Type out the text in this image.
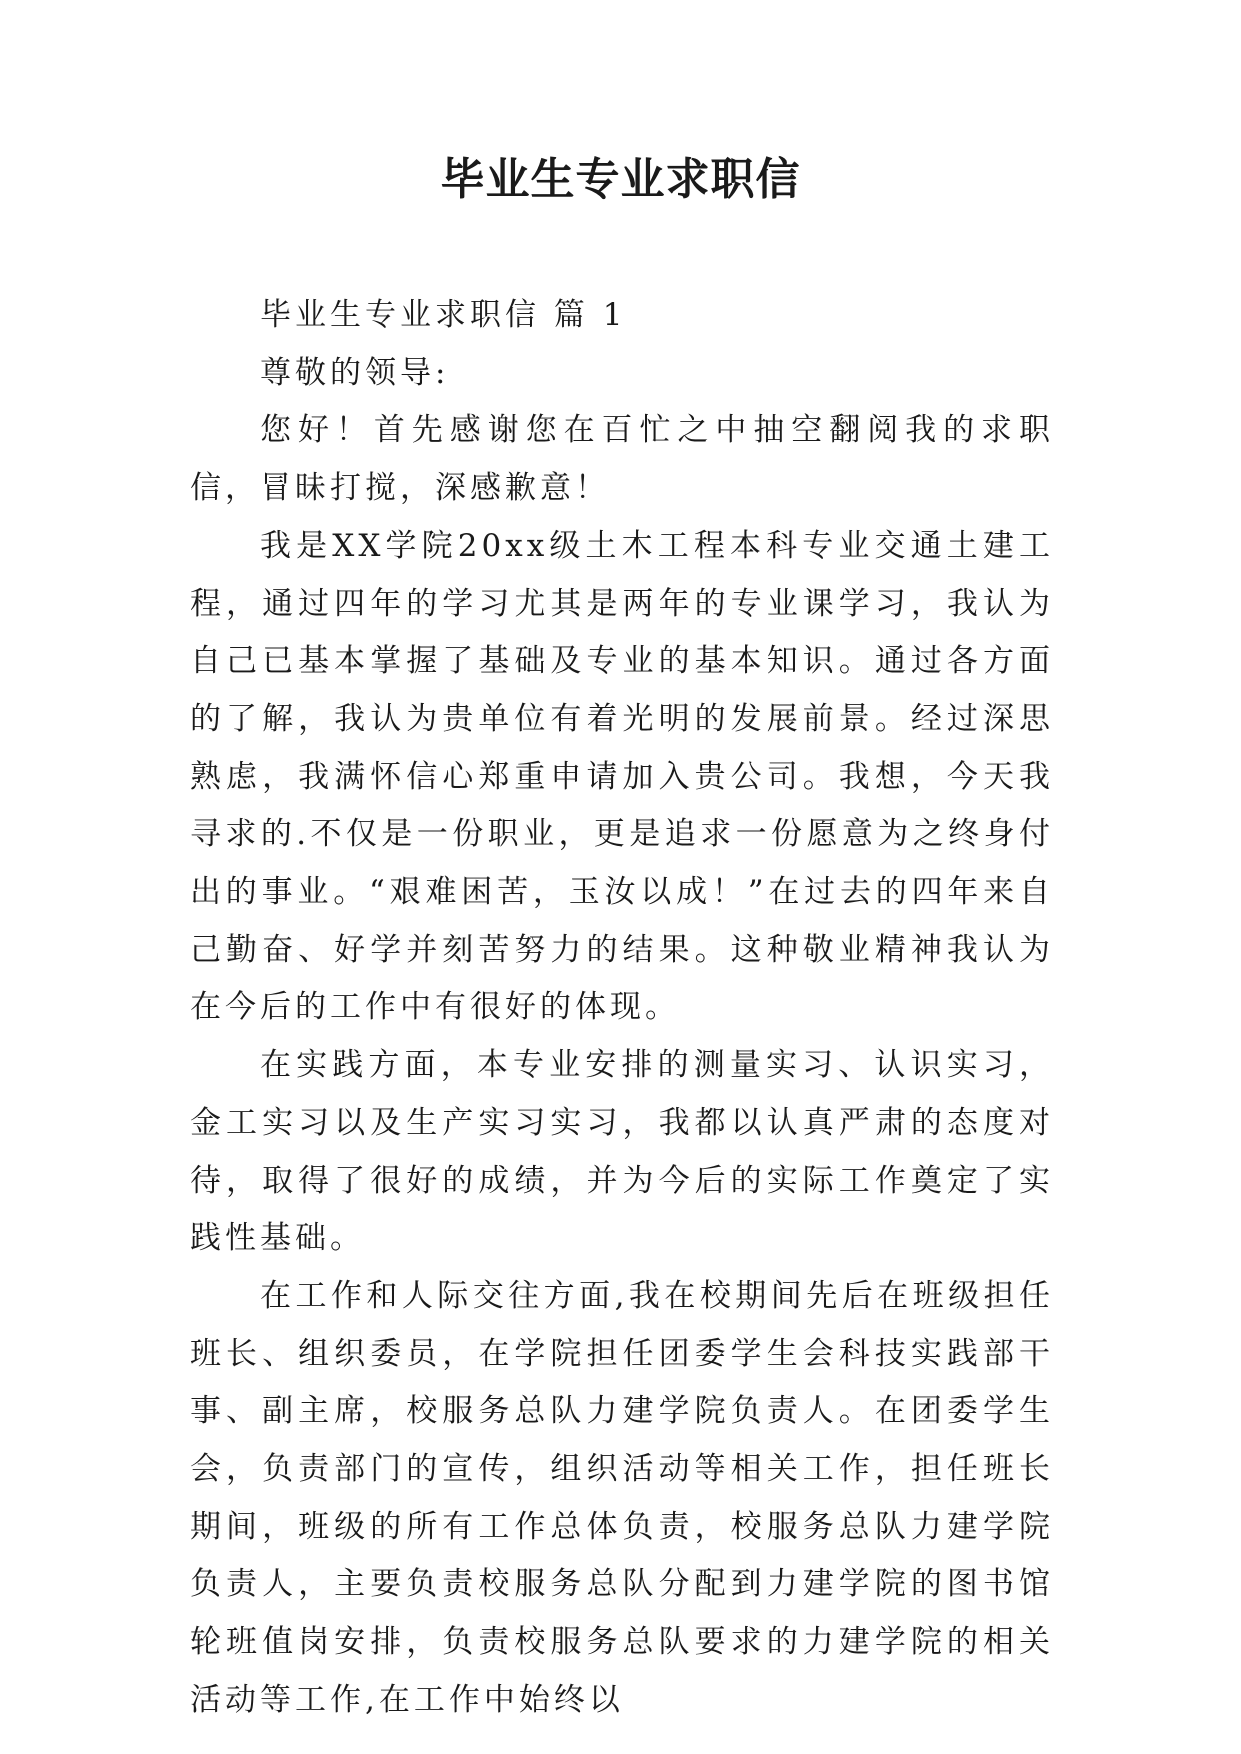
毕业生专业求职信

毕业生专业求职信 篇 1

尊敬的领导:

您好！首先感谢您在百忙之中抽空翻阅我的求职信，冒昧打搅，深感歉意！

我是XX学院20xx级土木工程本科专业交通土建工程，通过四年的学习尤其是两年的专业课学习，我认为自己已基本掌握了基础及专业的基本知识。通过各方面的了解，我认为贵单位有着光明的发展前景。经过深思熟虑，我满怀信心郑重申请加入贵公司。我想，今天我寻求的.不仅是一份职业，更是追求一份愿意为之终身付出的事业。“艰难困苦，玉汝以成！”在过去的四年来自己勤奋、好学并刻苦努力的结果。这种敬业精神我认为在今后的工作中有很好的体现。

在实践方面，本专业安排的测量实习、认识实习，金工实习以及生产实习实习，我都以认真严肃的态度对待，取得了很好的成绩，并为今后的实际工作奠定了实践性基础。

在工作和人际交往方面,我在校期间先后在班级担任班长、组织委员，在学院担任团委学生会科技实践部干事、副主席，校服务总队力建学院负责人。在团委学生会，负责部门的宣传，组织活动等相关工作，担任班长期间，班级的所有工作总体负责，校服务总队力建学院负责人，主要负责校服务总队分配到力建学院的图书馆轮班值岗安排，负责校服务总队要求的力建学院的相关活动等工作,在工作中始终以
